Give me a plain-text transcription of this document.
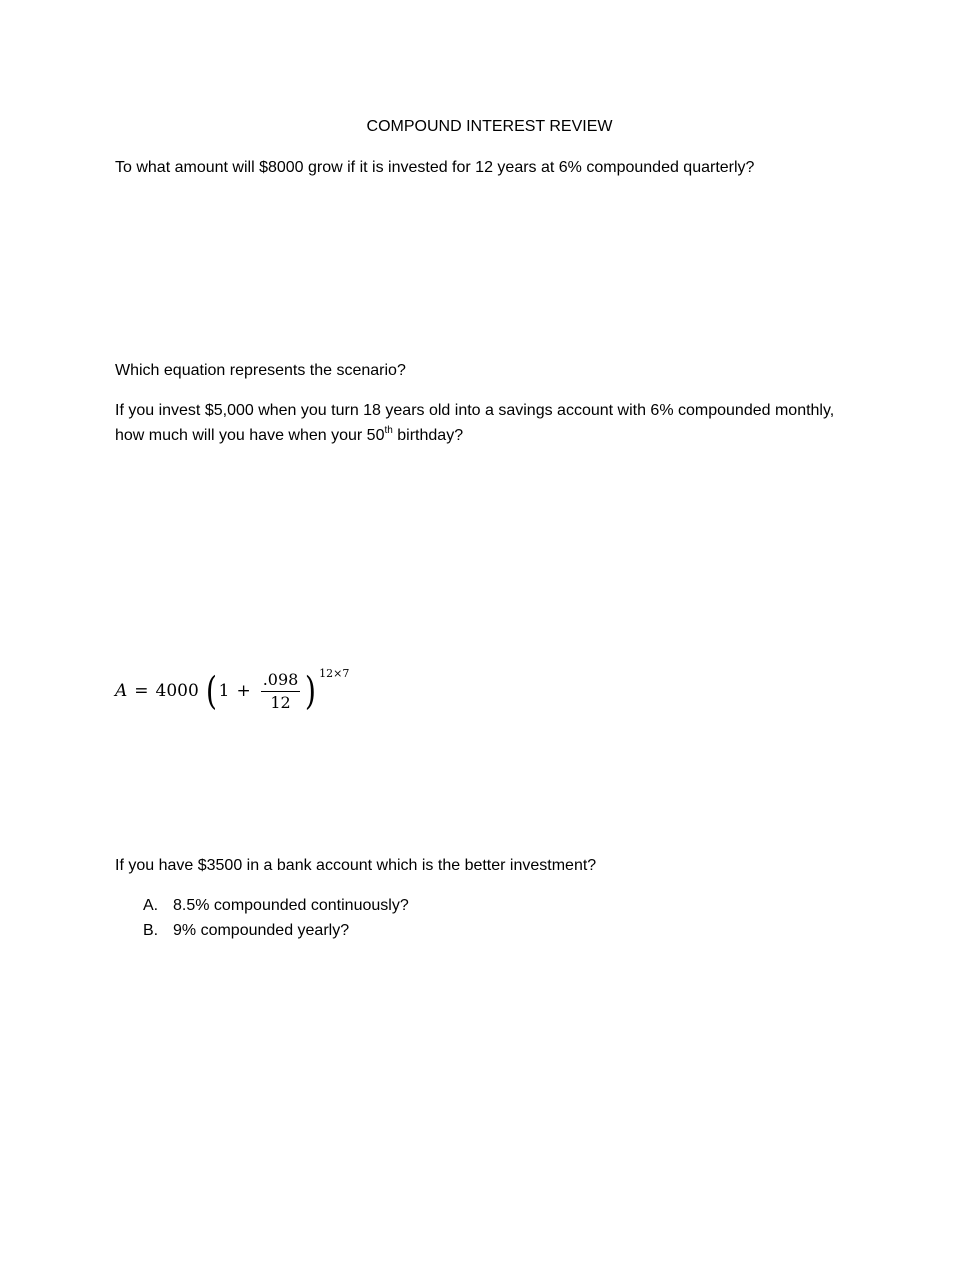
COMPOUND INTEREST REVIEW
To what amount will $8000 grow if it is invested for 12 years at 6% compounded quarterly?
Which equation represents the scenario?
If you invest $5,000 when you turn 18 years old into a savings account with 6% compounded monthly, how much will you have when your 50th birthday?
A = 4000 ( $1 + \frac{.098}{12}$ ) 12×7
If you have $3500 in a bank account which is the better investment?
A. 8.5% compounded continuously?
B. 9% compounded yearly?
